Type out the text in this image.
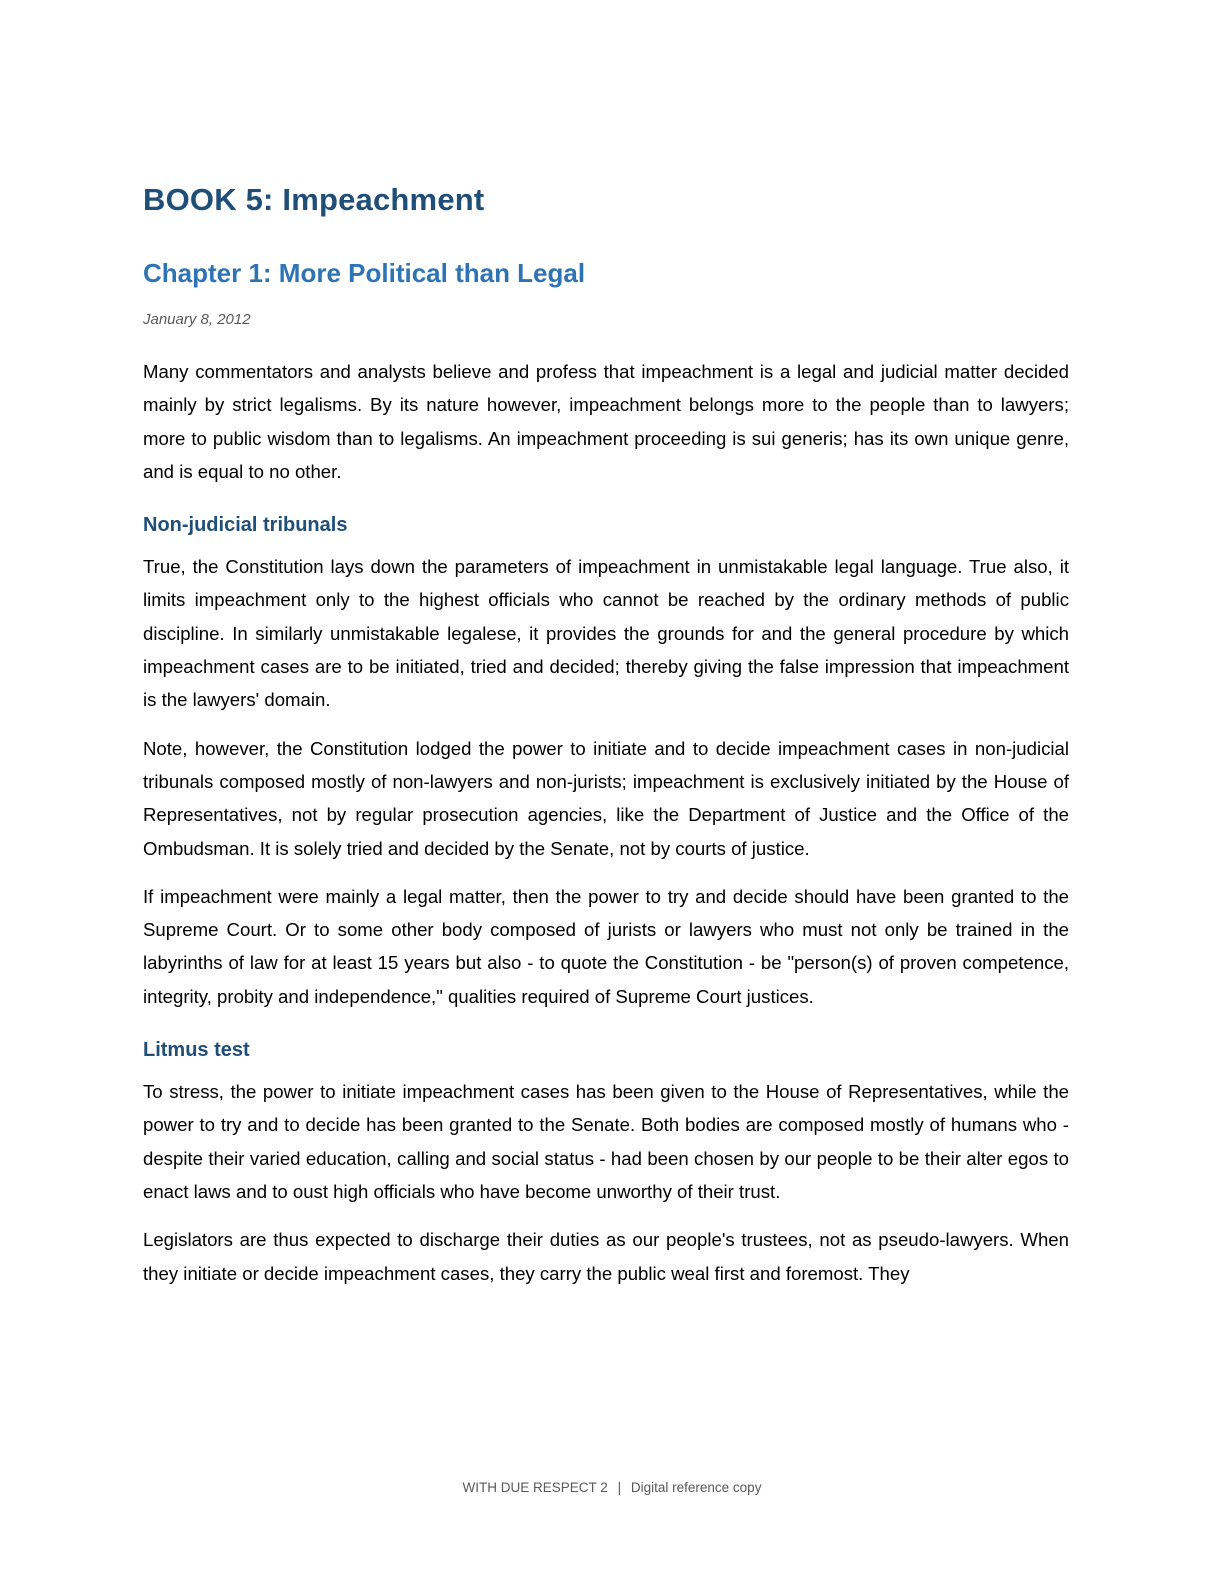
BOOK 5: Impeachment
Chapter 1: More Political than Legal

January 8, 2012

Many commentators and analysts believe and profess that impeachment is a legal and judicial matter decided mainly by strict legalisms. By its nature however, impeachment belongs more to the people than to lawyers; more to public wisdom than to legalisms. An impeachment proceeding is sui generis; has its own unique genre, and is equal to no other.

Non-judicial tribunals

True, the Constitution lays down the parameters of impeachment in unmistakable legal language. True also, it limits impeachment only to the highest officials who cannot be reached by the ordinary methods of public discipline. In similarly unmistakable legalese, it provides the grounds for and the general procedure by which impeachment cases are to be initiated, tried and decided; thereby giving the false impression that impeachment is the lawyers' domain.

Note, however, the Constitution lodged the power to initiate and to decide impeachment cases in non-judicial tribunals composed mostly of non-lawyers and non-jurists; impeachment is exclusively initiated by the House of Representatives, not by regular prosecution agencies, like the Department of Justice and the Office of the Ombudsman. It is solely tried and decided by the Senate, not by courts of justice.

If impeachment were mainly a legal matter, then the power to try and decide should have been granted to the Supreme Court. Or to some other body composed of jurists or lawyers who must not only be trained in the labyrinths of law for at least 15 years but also - to quote the Constitution - be "person(s) of proven competence, integrity, probity and independence," qualities required of Supreme Court justices.

Litmus test

To stress, the power to initiate impeachment cases has been given to the House of Representatives, while the power to try and to decide has been granted to the Senate. Both bodies are composed mostly of humans who - despite their varied education, calling and social status - had been chosen by our people to be their alter egos to enact laws and to oust high officials who have become unworthy of their trust.

Legislators are thus expected to discharge their duties as our people's trustees, not as pseudo-lawyers. When they initiate or decide impeachment cases, they carry the public weal first and foremost. They

WITH DUE RESPECT 2 | Digital reference copy
